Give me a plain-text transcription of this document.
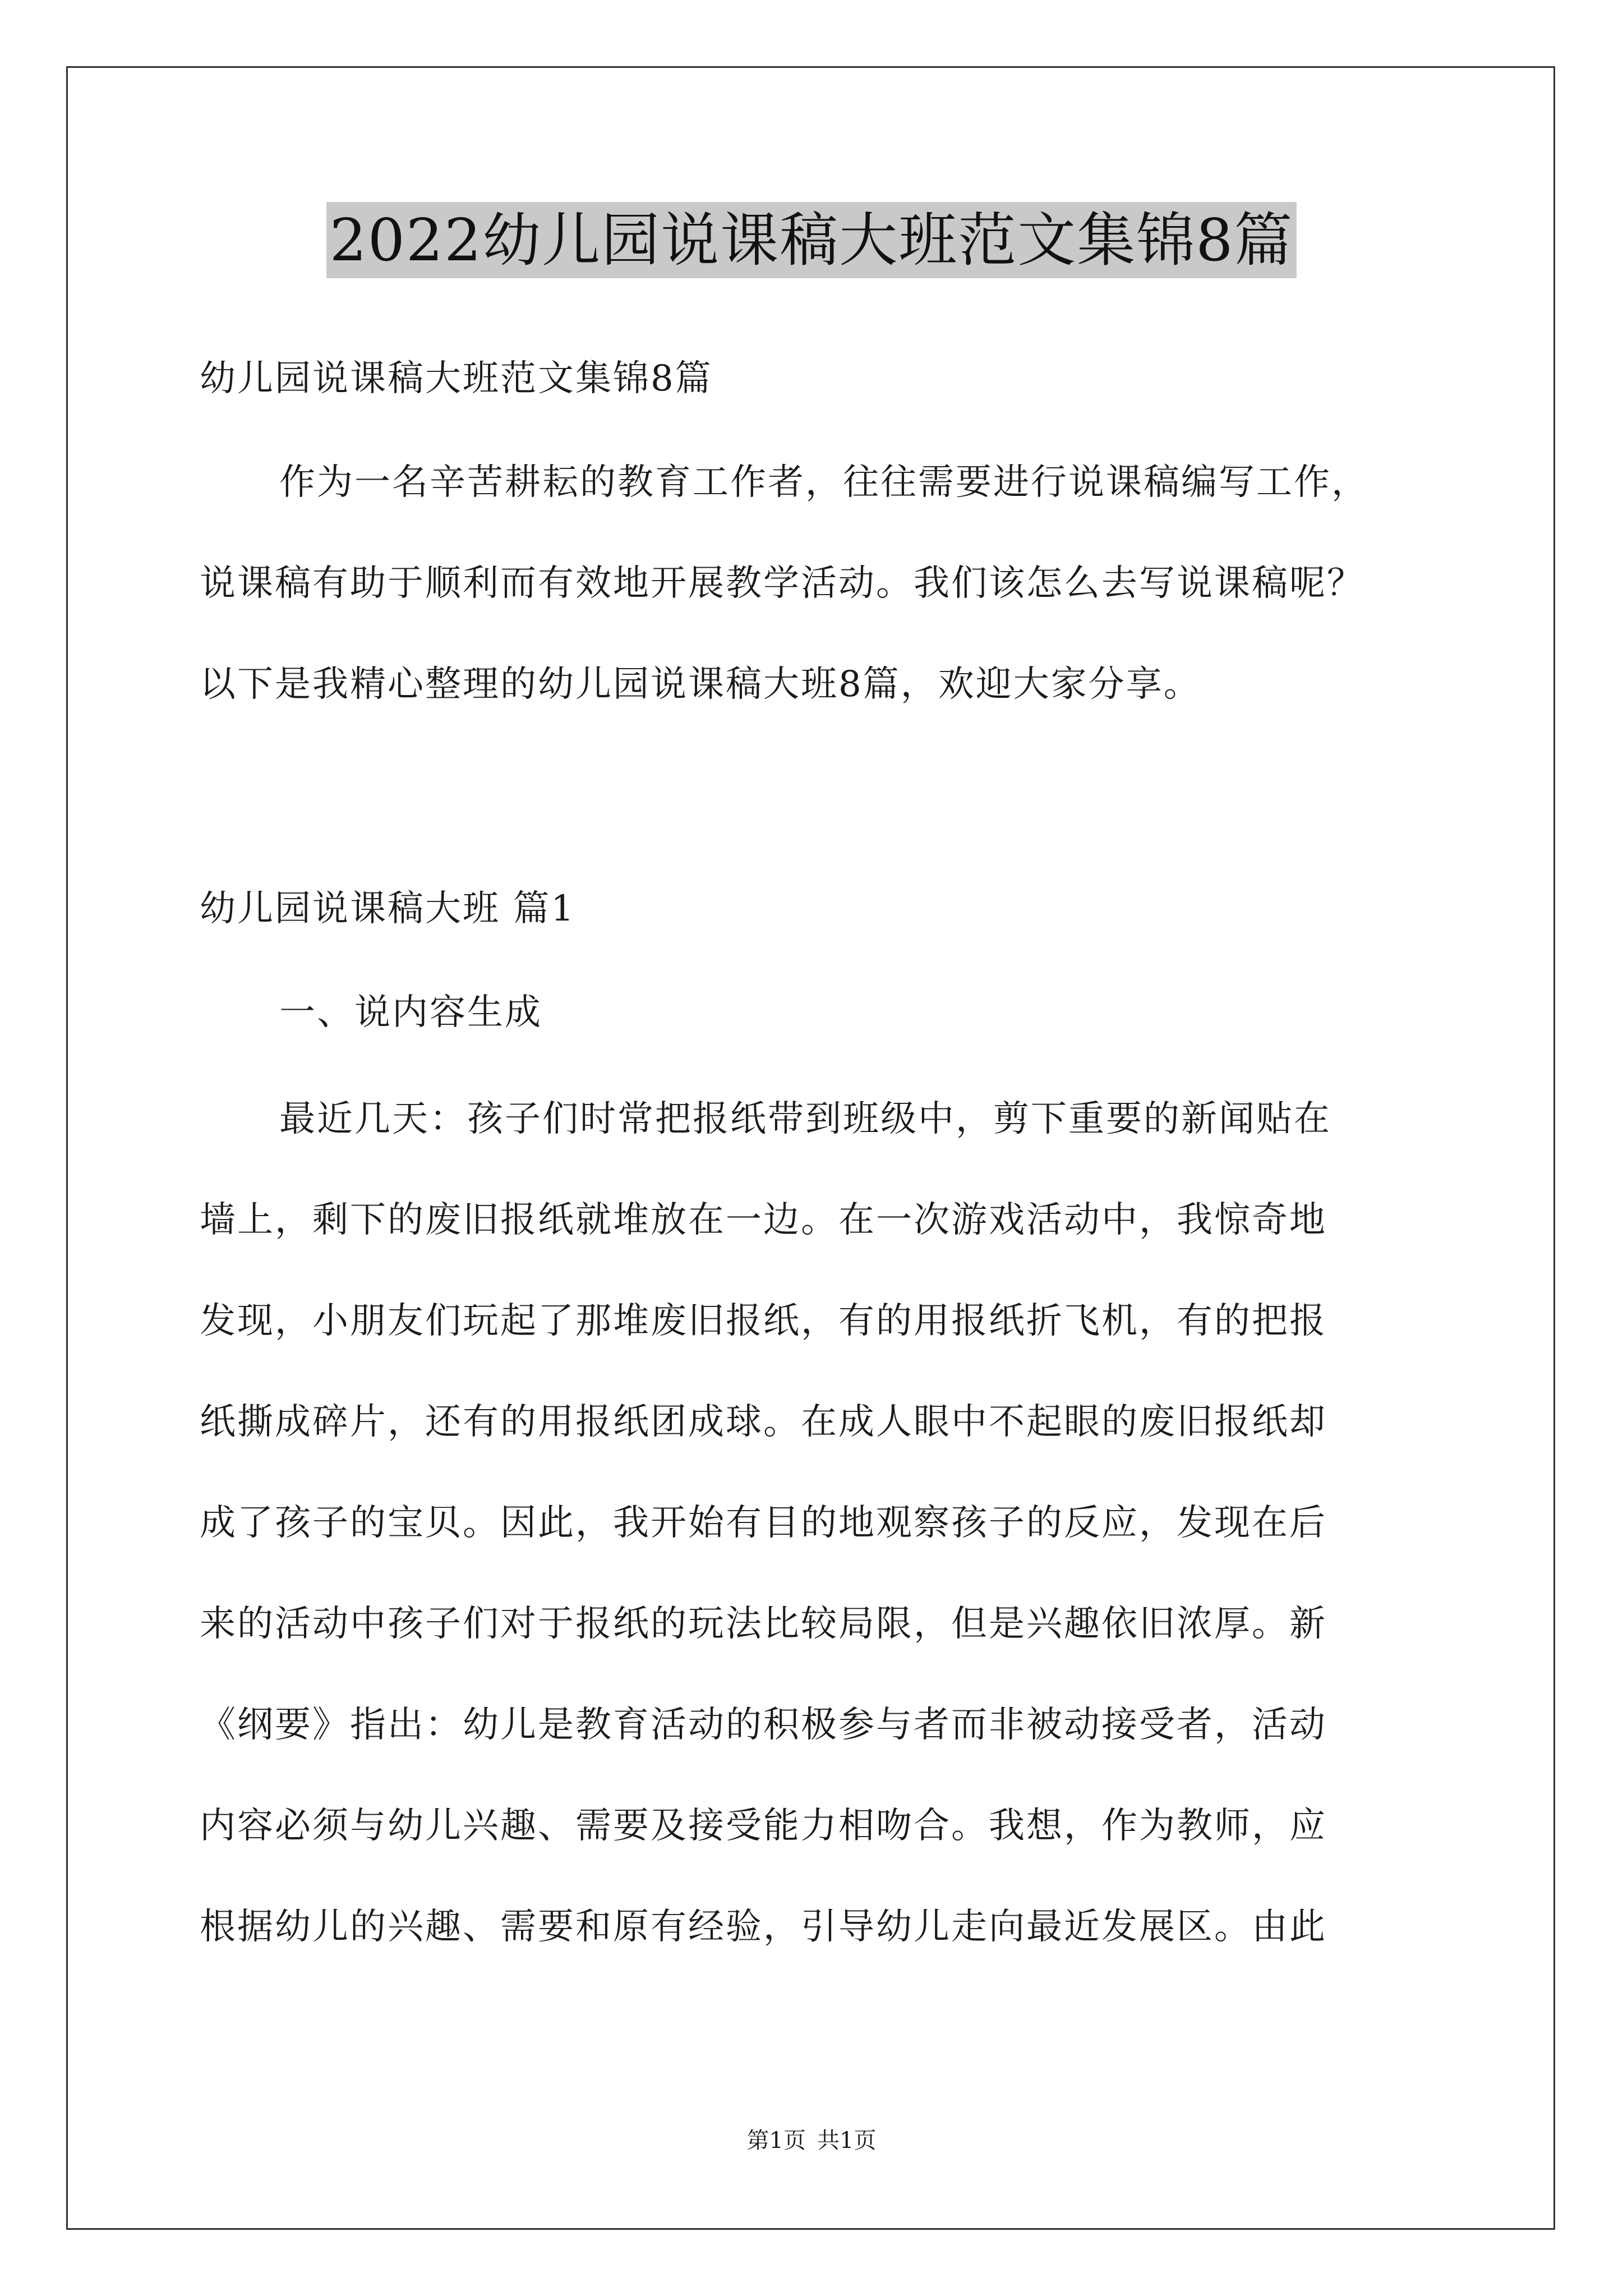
2022幼儿园说课稿大班范文集锦8篇
幼儿园说课稿大班范文集锦8篇
作为一名辛苦耕耘的教育工作者，往往需要进行说课稿编写工作，
说课稿有助于顺利而有效地开展教学活动。我们该怎么去写说课稿呢？
以下是我精心整理的幼儿园说课稿大班8篇，欢迎大家分享。
幼儿园说课稿大班 篇1
一、说内容生成
最近几天：孩子们时常把报纸带到班级中，剪下重要的新闻贴在
墙上，剩下的废旧报纸就堆放在一边。在一次游戏活动中，我惊奇地
发现，小朋友们玩起了那堆废旧报纸，有的用报纸折飞机，有的把报
纸撕成碎片，还有的用报纸团成球。在成人眼中不起眼的废旧报纸却
成了孩子的宝贝。因此，我开始有目的地观察孩子的反应，发现在后
来的活动中孩子们对于报纸的玩法比较局限，但是兴趣依旧浓厚。新
《纲要》指出：幼儿是教育活动的积极参与者而非被动接受者，活动
内容必须与幼儿兴趣、需要及接受能力相吻合。我想，作为教师，应
根据幼儿的兴趣、需要和原有经验，引导幼儿走向最近发展区。由此
第1页 共1页
